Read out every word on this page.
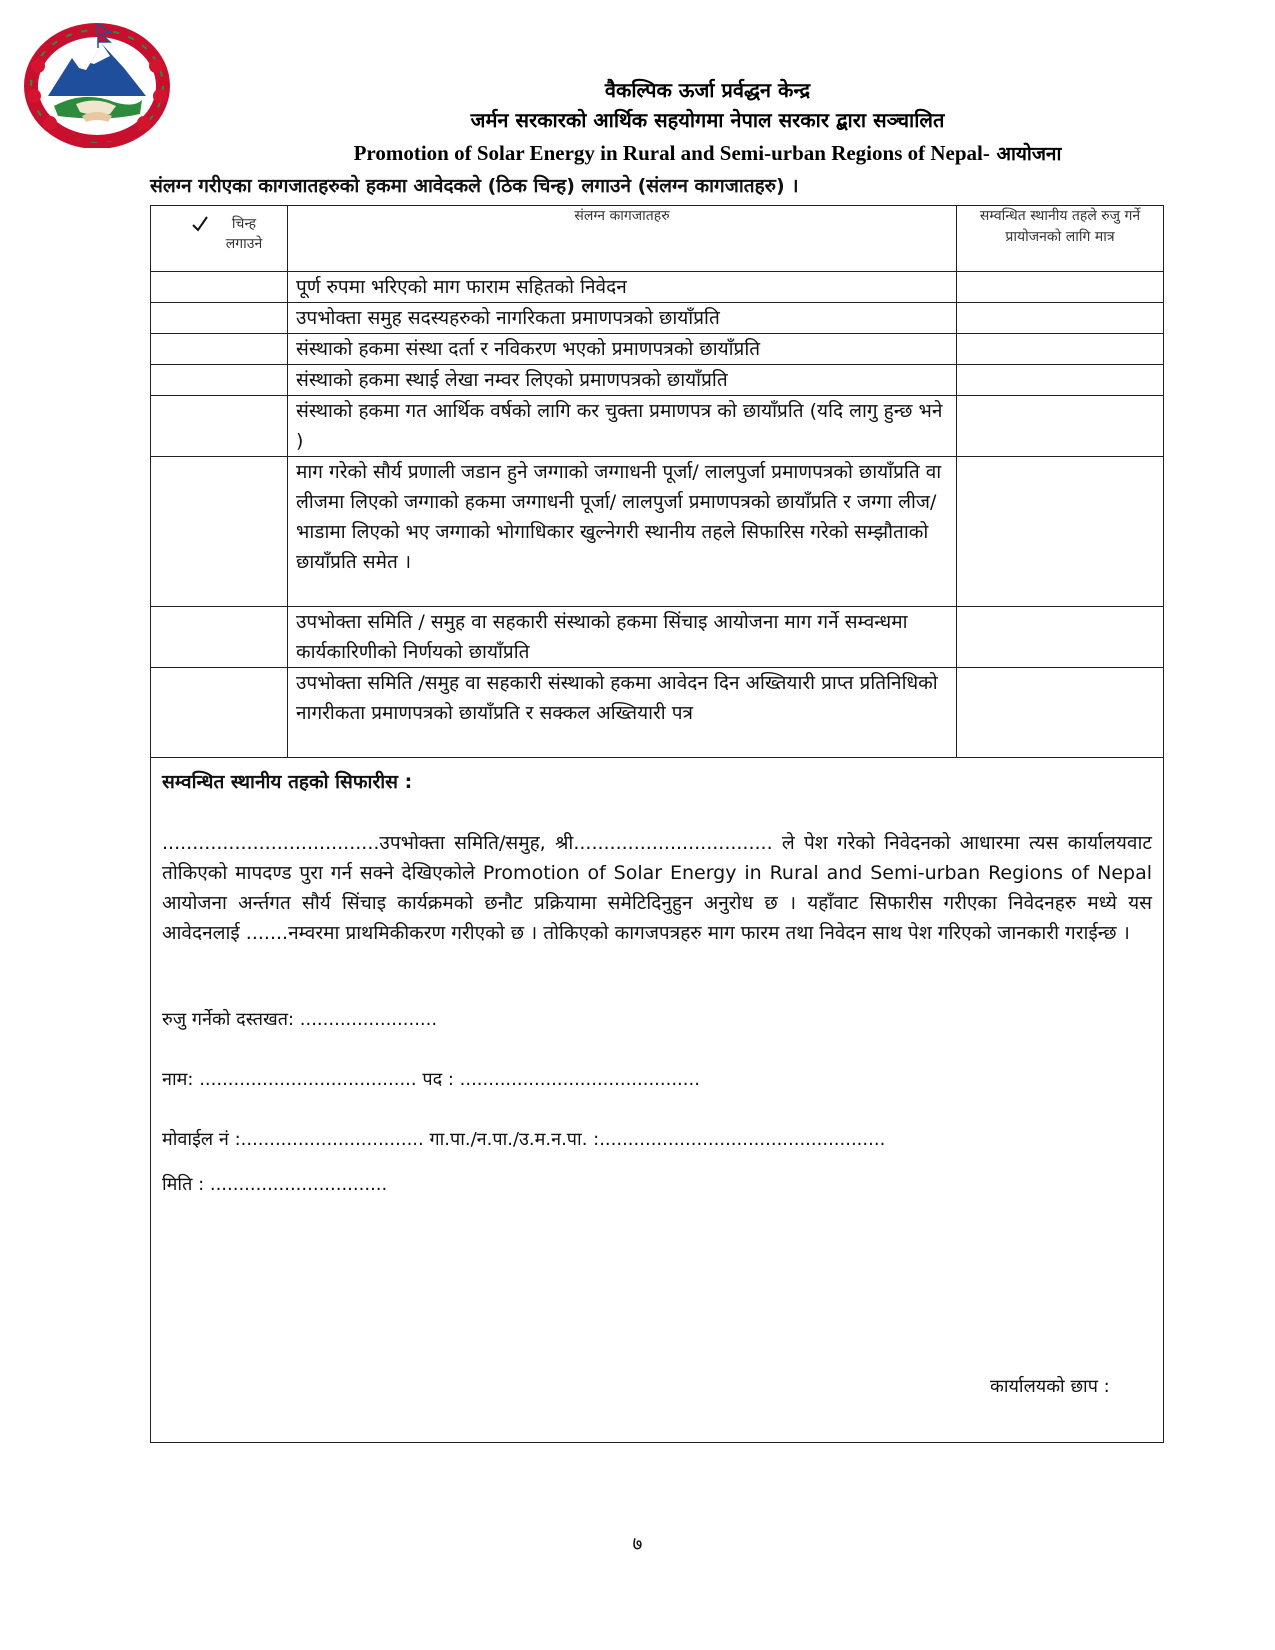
वैकल्पिक ऊर्जा प्रर्वद्धन केन्द्र
जर्मन सरकारको आर्थिक सहयोगमा नेपाल सरकार द्बारा सञ्चालित
Promotion of Solar Energy in Rural and Semi-urban Regions of Nepal- आयोजना
संलग्न गरीएका कागजातहरुको हकमा आवेदकले (ठिक चिन्ह) लगाउने (संलग्न कागजातहरु) ।
चिन्ह लगाउने	संलग्न कागजातहरु	सम्वन्धित स्थानीय तहले रुजु गर्ने प्रायोजनको लागि मात्र
	पूर्ण रुपमा भरिएको माग फाराम सहितको निवेदन	
	उपभोक्ता समुह सदस्यहरुको नागरिकता प्रमाणपत्रको छायाँप्रति	
	संस्थाको हकमा संस्था दर्ता र नविकरण भएको प्रमाणपत्रको छायाँप्रति	
	संस्थाको हकमा स्थाई लेखा नम्वर लिएको प्रमाणपत्रको छायाँप्रति	
	संस्थाको हकमा गत आर्थिक वर्षको लागि कर चुक्ता प्रमाणपत्र को छायाँप्रति (यदि लागु हुन्छ भने )	
	माग गरेको सौर्य प्रणाली जडान हुने जग्गाको जग्गाधनी पूर्जा/ लालपुर्जा प्रमाणपत्रको छायाँप्रति वा लीजमा लिएको जग्गाको हकमा जग्गाधनी पूर्जा/ लालपुर्जा प्रमाणपत्रको छायाँप्रति र जग्गा लीज/भाडामा लिएको भए जग्गाको भोगाधिकार खुल्नेगरी स्थानीय तहले सिफारिस गरेको सम्झौताको छायाँप्रति समेत ।	
	उपभोक्ता समिति / समुह वा सहकारी संस्थाको हकमा सिंचाइ आयोजना माग गर्ने सम्वन्धमा कार्यकारिणीको निर्णयको छायाँप्रति	
	उपभोक्ता समिति /समुह वा सहकारी संस्थाको हकमा आवेदन दिन अख्तियारी प्राप्त प्रतिनिधिको नागरीकता प्रमाणपत्रको छायाँप्रति र सक्कल अख्तियारी पत्र	
सम्वन्धित स्थानीय तहको सिफारीस :
....................................उपभोक्ता समिति/समुह, श्री................................. ले पेश गरेको निवेदनको आधारमा त्यस कार्यालयवाट तोकिएको मापदण्ड पुरा गर्न सक्ने देखिएकोले Promotion of Solar Energy in Rural and Semi-urban Regions of Nepal आयोजना अर्न्तगत सौर्य सिंचाइ कार्यक्रमको छनौट प्रक्रियामा समेटिदिनुहुन अनुरोध छ । यहाँवाट सिफारीस गरीएका निवेदनहरु मध्ये यस आवेदनलाई .......नम्वरमा प्राथमिकीकरण गरीएको छ । तोकिएको कागजपत्रहरु माग फारम तथा निवेदन साथ पेश गरिएको जानकारी गराईन्छ ।
रुजु गर्नेको दस्तखत: ........................
नाम: ...................................... पद : ..........................................
मोवाईल नं :................................ गा.पा./न.पा./उ.म.न.पा. :..................................................
मिति : ...............................
कार्यालयको छाप :
७
